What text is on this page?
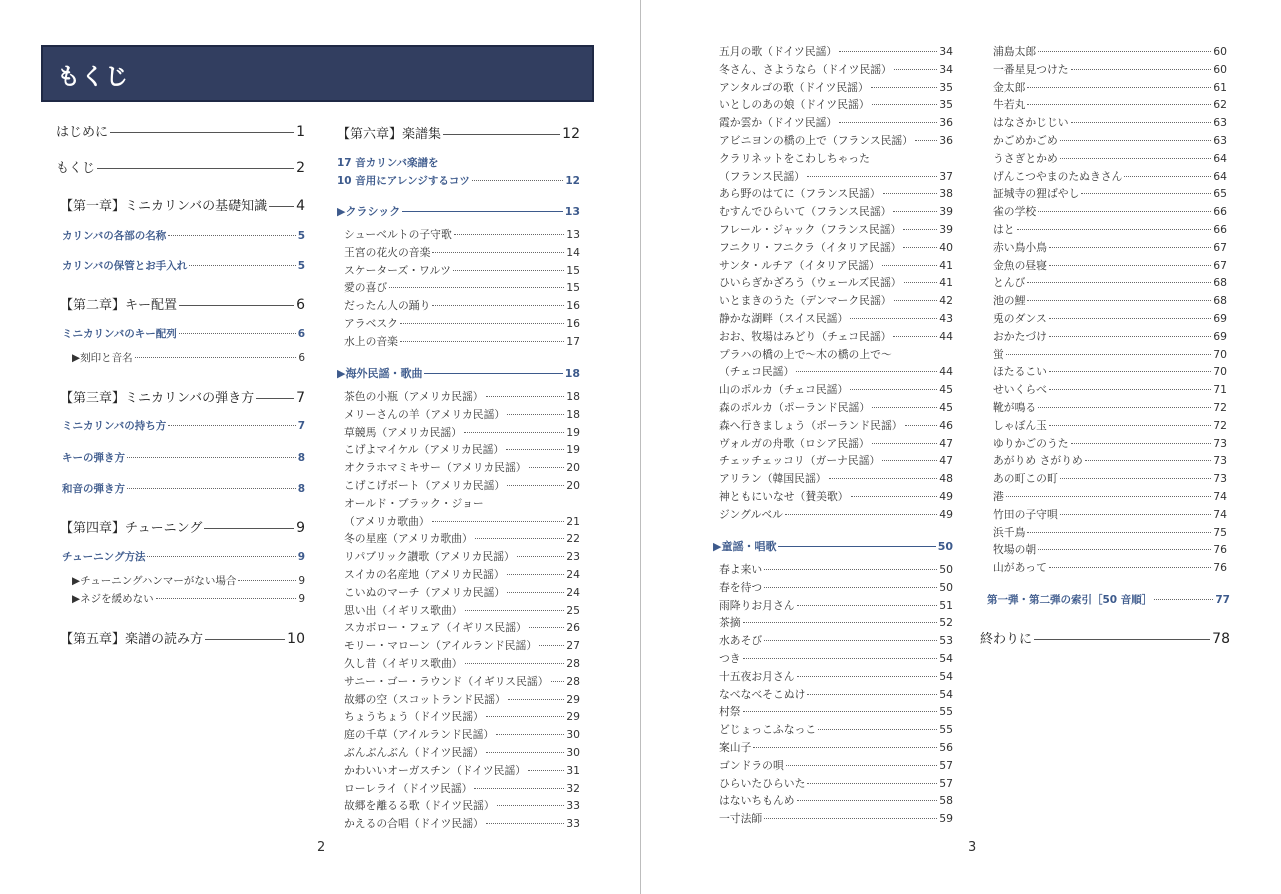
もくじ
はじめに	1
もくじ	2
【第一章】ミニカリンバの基礎知識 4
カリンバの各部の名称	5
カリンバの保管とお手入れ	5
【第二章】キー配置	6
ミニカリンバのキー配列	6
▶刻印と音名	6
【第三章】ミニカリンバの弾き方	7
ミニカリンバの持ち方	7
キーの弾き方	8
和音の弾き方	8
【第四章】チューニング	9
チューニング方法	9
▶チューニングハンマーがない場合	9
▶ネジを緩めない	9
【第五章】楽譜の読み方	10
【第六章】楽譜集	12
17 音カリンバ楽譜を
10 音用にアレンジするコツ	12
▶クラシック	13
シューベルトの子守歌	13
王宮の花火の音楽	14
スケーターズ・ワルツ	15
愛の喜び	15
だったん人の踊り	16
アラベスク	16
水上の音楽	17
▶海外民謡・歌曲	18
茶色の小瓶（アメリカ民謡）	18
メリーさんの羊（アメリカ民謡）	18
草競馬（アメリカ民謡）	19
こげよマイケル（アメリカ民謡）	19
オクラホマミキサー（アメリカ民謡）	20
こげこげボート（アメリカ民謡）	20
オールド・ブラック・ジョー
（アメリカ歌曲）	21
冬の星座（アメリカ歌曲）	22
リパブリック讃歌（アメリカ民謡）	23
スイカの名産地（アメリカ民謡）	24
こいぬのマーチ（アメリカ民謡）	24
思い出（イギリス歌曲）	25
スカボロー・フェア（イギリス民謡）	26
モリー・マローン（アイルランド民謡）	27
久し昔（イギリス歌曲）	28
サニー・ゴー・ラウンド（イギリス民謡） 28
故郷の空（スコットランド民謡）	29
ちょうちょう（ドイツ民謡）	29
庭の千草（アイルランド民謡）	30
ぶんぶんぶん（ドイツ民謡）	30
かわいいオーガスチン（ドイツ民謡）	31
ローレライ（ドイツ民謡）	32
故郷を離るる歌（ドイツ民謡）	33
かえるの合唱（ドイツ民謡）	33
五月の歌（ドイツ民謡）	34
冬さん、さようなら（ドイツ民謡）	34
アンタルゴの歌（ドイツ民謡）	35
いとしのあの娘（ドイツ民謡）	35
霞か雲か（ドイツ民謡）	36
アビニヨンの橋の上で（フランス民謡） 36
クラリネットをこわしちゃった
（フランス民謡）	37
あら野のはてに（フランス民謡）	38
むすんでひらいて（フランス民謡）	39
フレール・ジャック（フランス民謡）	39
フニクリ・フニクラ（イタリア民謡）	40
サンタ・ルチア（イタリア民謡）	41
ひいらぎかざろう（ウェールズ民謡）	41
いとまきのうた（デンマーク民謡）	42
静かな湖畔（スイス民謡）	43
おお、牧場はみどり（チェコ民謡）	44
プラハの橋の上で〜木の橋の上で〜
（チェコ民謡）	44
山のポルカ（チェコ民謡）	45
森のポルカ（ポーランド民謡）	45
森へ行きましょう（ポーランド民謡）	46
ヴォルガの舟歌（ロシア民謡）	47
チェッチェッコリ（ガーナ民謡）	47
アリラン（韓国民謡）	48
神ともにいなせ（賛美歌）	49
ジングルベル	49
▶童謡・唱歌	50
春よ来い	50
春を待つ	50
雨降りお月さん	51
茶摘	52
水あそび	53
つき	54
十五夜お月さん	54
なべなべそこぬけ	54
村祭	55
どじょっこふなっこ	55
案山子	56
ゴンドラの唄	57
ひらいたひらいた	57
はないちもんめ	58
一寸法師	59
浦島太郎	60
一番星見つけた	60
金太郎	61
牛若丸	62
はなさかじじい	63
かごめかごめ	63
うさぎとかめ	64
げんこつやまのたぬきさん	64
証城寺の狸ばやし	65
雀の学校	66
はと	66
赤い鳥小鳥	67
金魚の昼寝	67
とんび	68
池の鯉	68
兎のダンス	69
おかたづけ	69
蛍	70
ほたるこい	70
せいくらべ	71
靴が鳴る	72
しゃぼん玉	72
ゆりかごのうた	73
あがりめ さがりめ	73
あの町この町	73
港	74
竹田の子守唄	74
浜千鳥	75
牧場の朝	76
山があって	76
第一弾・第二弾の索引［50 音順］	77
終わりに	78
2	3
